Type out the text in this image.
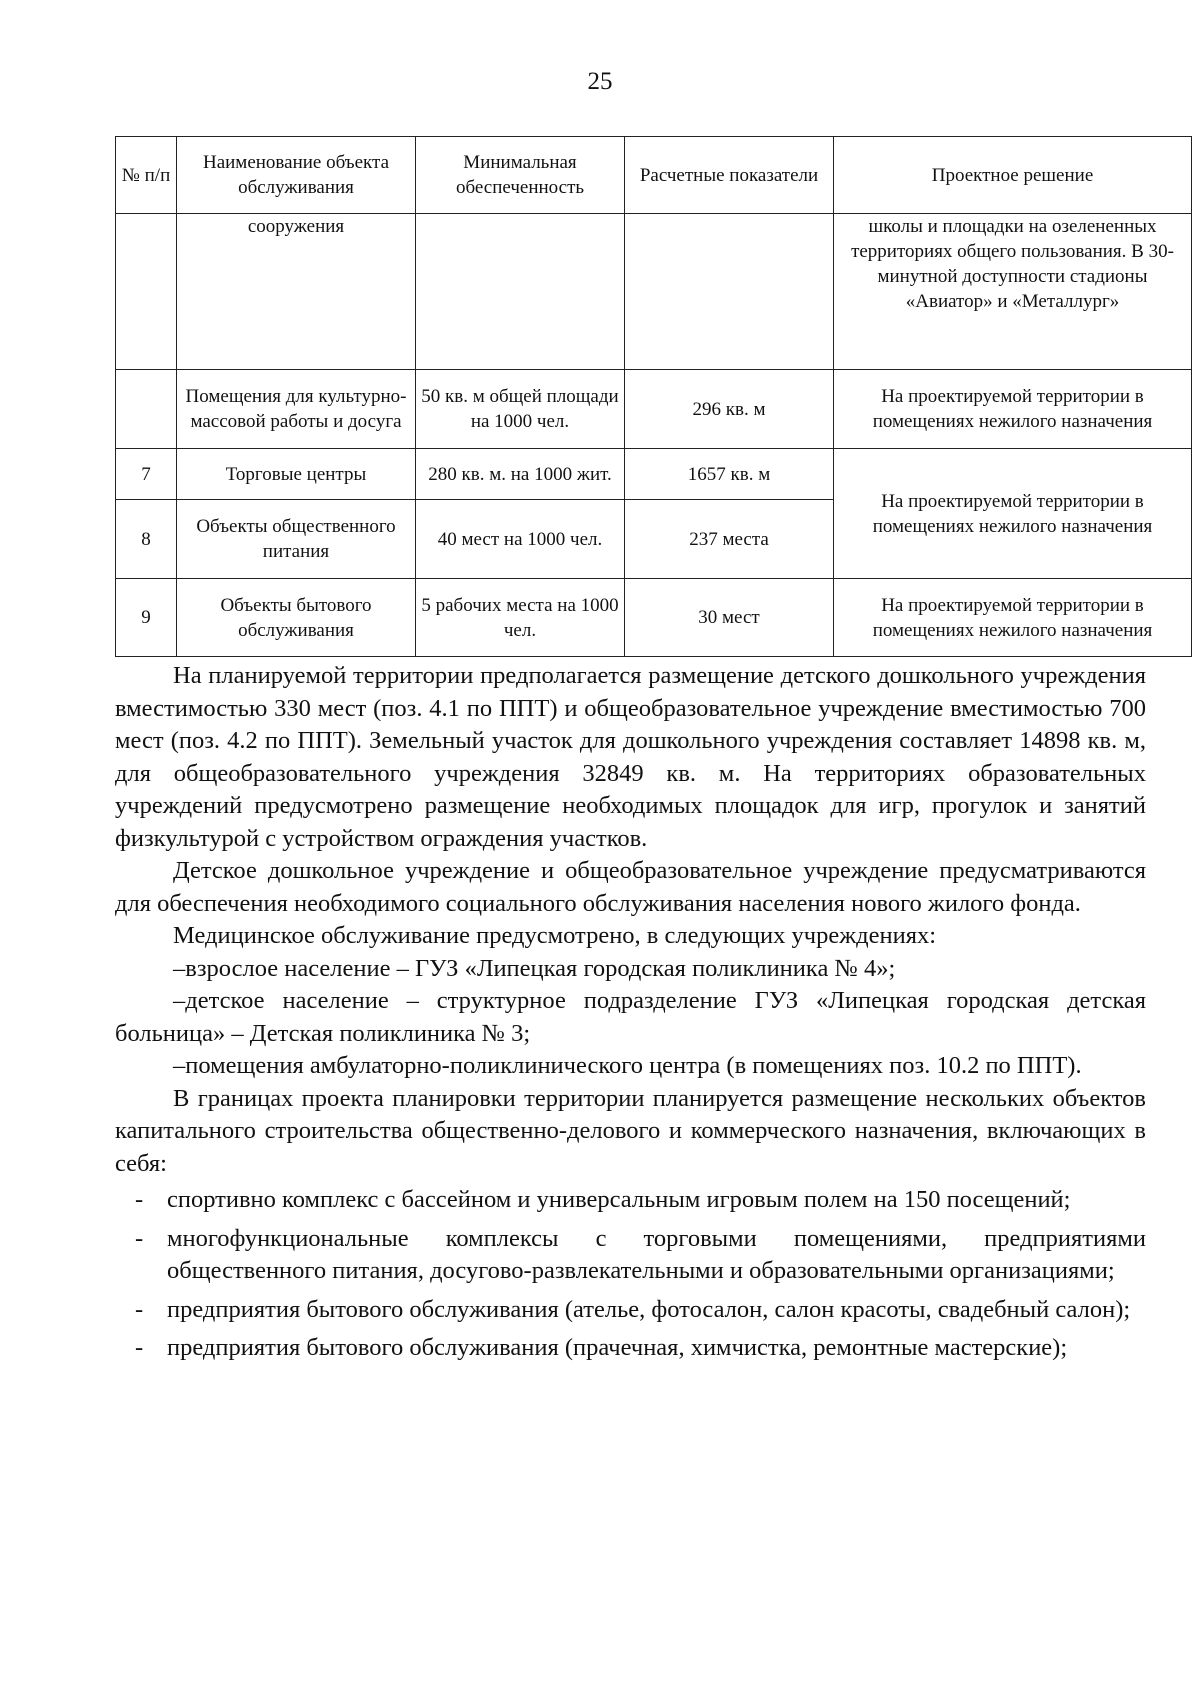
25
№ п/п	Наименование объекта обслуживания	Минимальная обеспеченность	Расчетные показатели	Проектное решение
	сооружения			школы и площадки на озелененных территориях общего пользования. В 30-минутной доступности стадионы «Авиатор» и «Металлург»
	Помещения для культурно-массовой работы и досуга	50 кв. м общей площади на 1000 чел.	296 кв. м	На проектируемой территории в помещениях нежилого назначения
7	Торговые центры	280 кв. м. на 1000 жит.	1657 кв. м	На проектируемой территории в помещениях нежилого назначения
8	Объекты общественного питания	40 мест на 1000 чел.	237 места	
9	Объекты бытового обслуживания	5 рабочих места на 1000 чел.	30 мест	На проектируемой территории в помещениях нежилого назначения

На планируемой территории предполагается размещение детского дошкольного учреждения вместимостью 330 мест (поз. 4.1 по ППТ) и общеобразовательное учреждение вместимостью 700 мест (поз. 4.2 по ППТ). Земельный участок для дошкольного учреждения составляет 14898 кв. м, для общеобразовательного учреждения 32849 кв. м. На территориях образовательных учреждений предусмотрено размещение необходимых площадок для игр, прогулок и занятий физкультурой с устройством ограждения участков.

Детское дошкольное учреждение и общеобразовательное учреждение предусматриваются для обеспечения необходимого социального обслуживания населения нового жилого фонда.

Медицинское обслуживание предусмотрено, в следующих учреждениях:

–взрослое население – ГУЗ «Липецкая городская поликлиника № 4»;

–детское население – структурное подразделение ГУЗ «Липецкая городская детская больница» – Детская поликлиника № 3;

–помещения амбулаторно-поликлинического центра (в помещениях поз. 10.2 по ППТ).

В границах проекта планировки территории планируется размещение нескольких объектов капитального строительства общественно-делового и коммерческого назначения, включающих в себя:

- спортивно комплекс с бассейном и универсальным игровым полем на 150 посещений;
- многофункциональные комплексы с торговыми помещениями, предприятиями общественного питания, досугово-развлекательными и образовательными организациями;
- предприятия бытового обслуживания (ателье, фотосалон, салон красоты, свадебный салон);
- предприятия бытового обслуживания (прачечная, химчистка, ремонтные мастерские);
